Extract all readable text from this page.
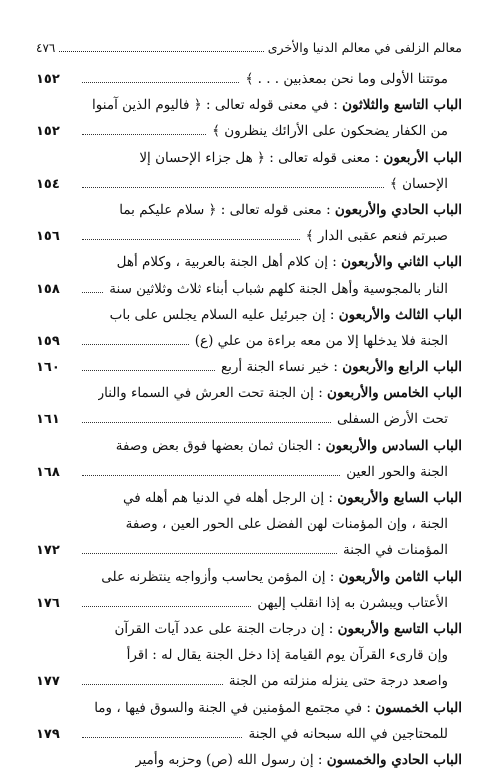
معالم الزلفى في معالم الدنيا والأخرى
٤٧٦
موتتنا الأولى وما نحن بمعذبين . . . ﴾
١٥٢
الباب التاسع والثلاثون : في معنى قوله تعالى : ﴿ فاليوم الذين آمنوا
من الكفار يضحكون على الأرائك ينظرون ﴾
١٥٢
الباب الأربعون : معنى قوله تعالى : ﴿ هل جزاء الإحسان إلا
الإحسان ﴾
١٥٤
الباب الحادي والأربعون : معنى قوله تعالى : ﴿ سلام عليكم بما
صبرتم فنعم عقبى الدار ﴾
١٥٦
الباب الثاني والأربعون : إن كلام أهل الجنة بالعربية ، وكلام أهل
النار بالمجوسية وأهل الجنة كلهم شباب أبناء ثلاث وثلاثين سنة
١٥٨
الباب الثالث والأربعون : إن جبرئيل عليه السلام يجلس على باب
الجنة فلا يدخلها إلا من معه براءة من علي (ع)
١٥٩
الباب الرابع والأربعون : خير نساء الجنة أربع
١٦٠
الباب الخامس والأربعون : إن الجنة تحت العرش في السماء والنار
تحت الأرض السفلى
١٦١
الباب السادس والأربعون : الجنان ثمان بعضها فوق بعض وصفة
الجنة والحور العين
١٦٨
الباب السابع والأربعون : إن الرجل أهله في الدنيا هم أهله في
الجنة ، وإن المؤمنات لهن الفضل على الحور العين ، وصفة
المؤمنات في الجنة
١٧٢
الباب الثامن والأربعون : إن المؤمن يحاسب وأزواجه ينتظرنه على
الأعتاب ويبشرن به إذا انقلب إليهن
١٧٦
الباب التاسع والأربعون : إن درجات الجنة على عدد آيات القرآن
وإن قارىء القرآن يوم القيامة إذا دخل الجنة يقال له : اقرأ
واصعد درجة حتى ينزله منزلته من الجنة
١٧٧
الباب الخمسون : في مجتمع المؤمنين في الجنة والسوق فيها ، وما
للمحتاجين في الله سبحانه في الجنة
١٧٩
الباب الحادي والخمسون : إن رسول الله (ص) وحزبه وأمير
